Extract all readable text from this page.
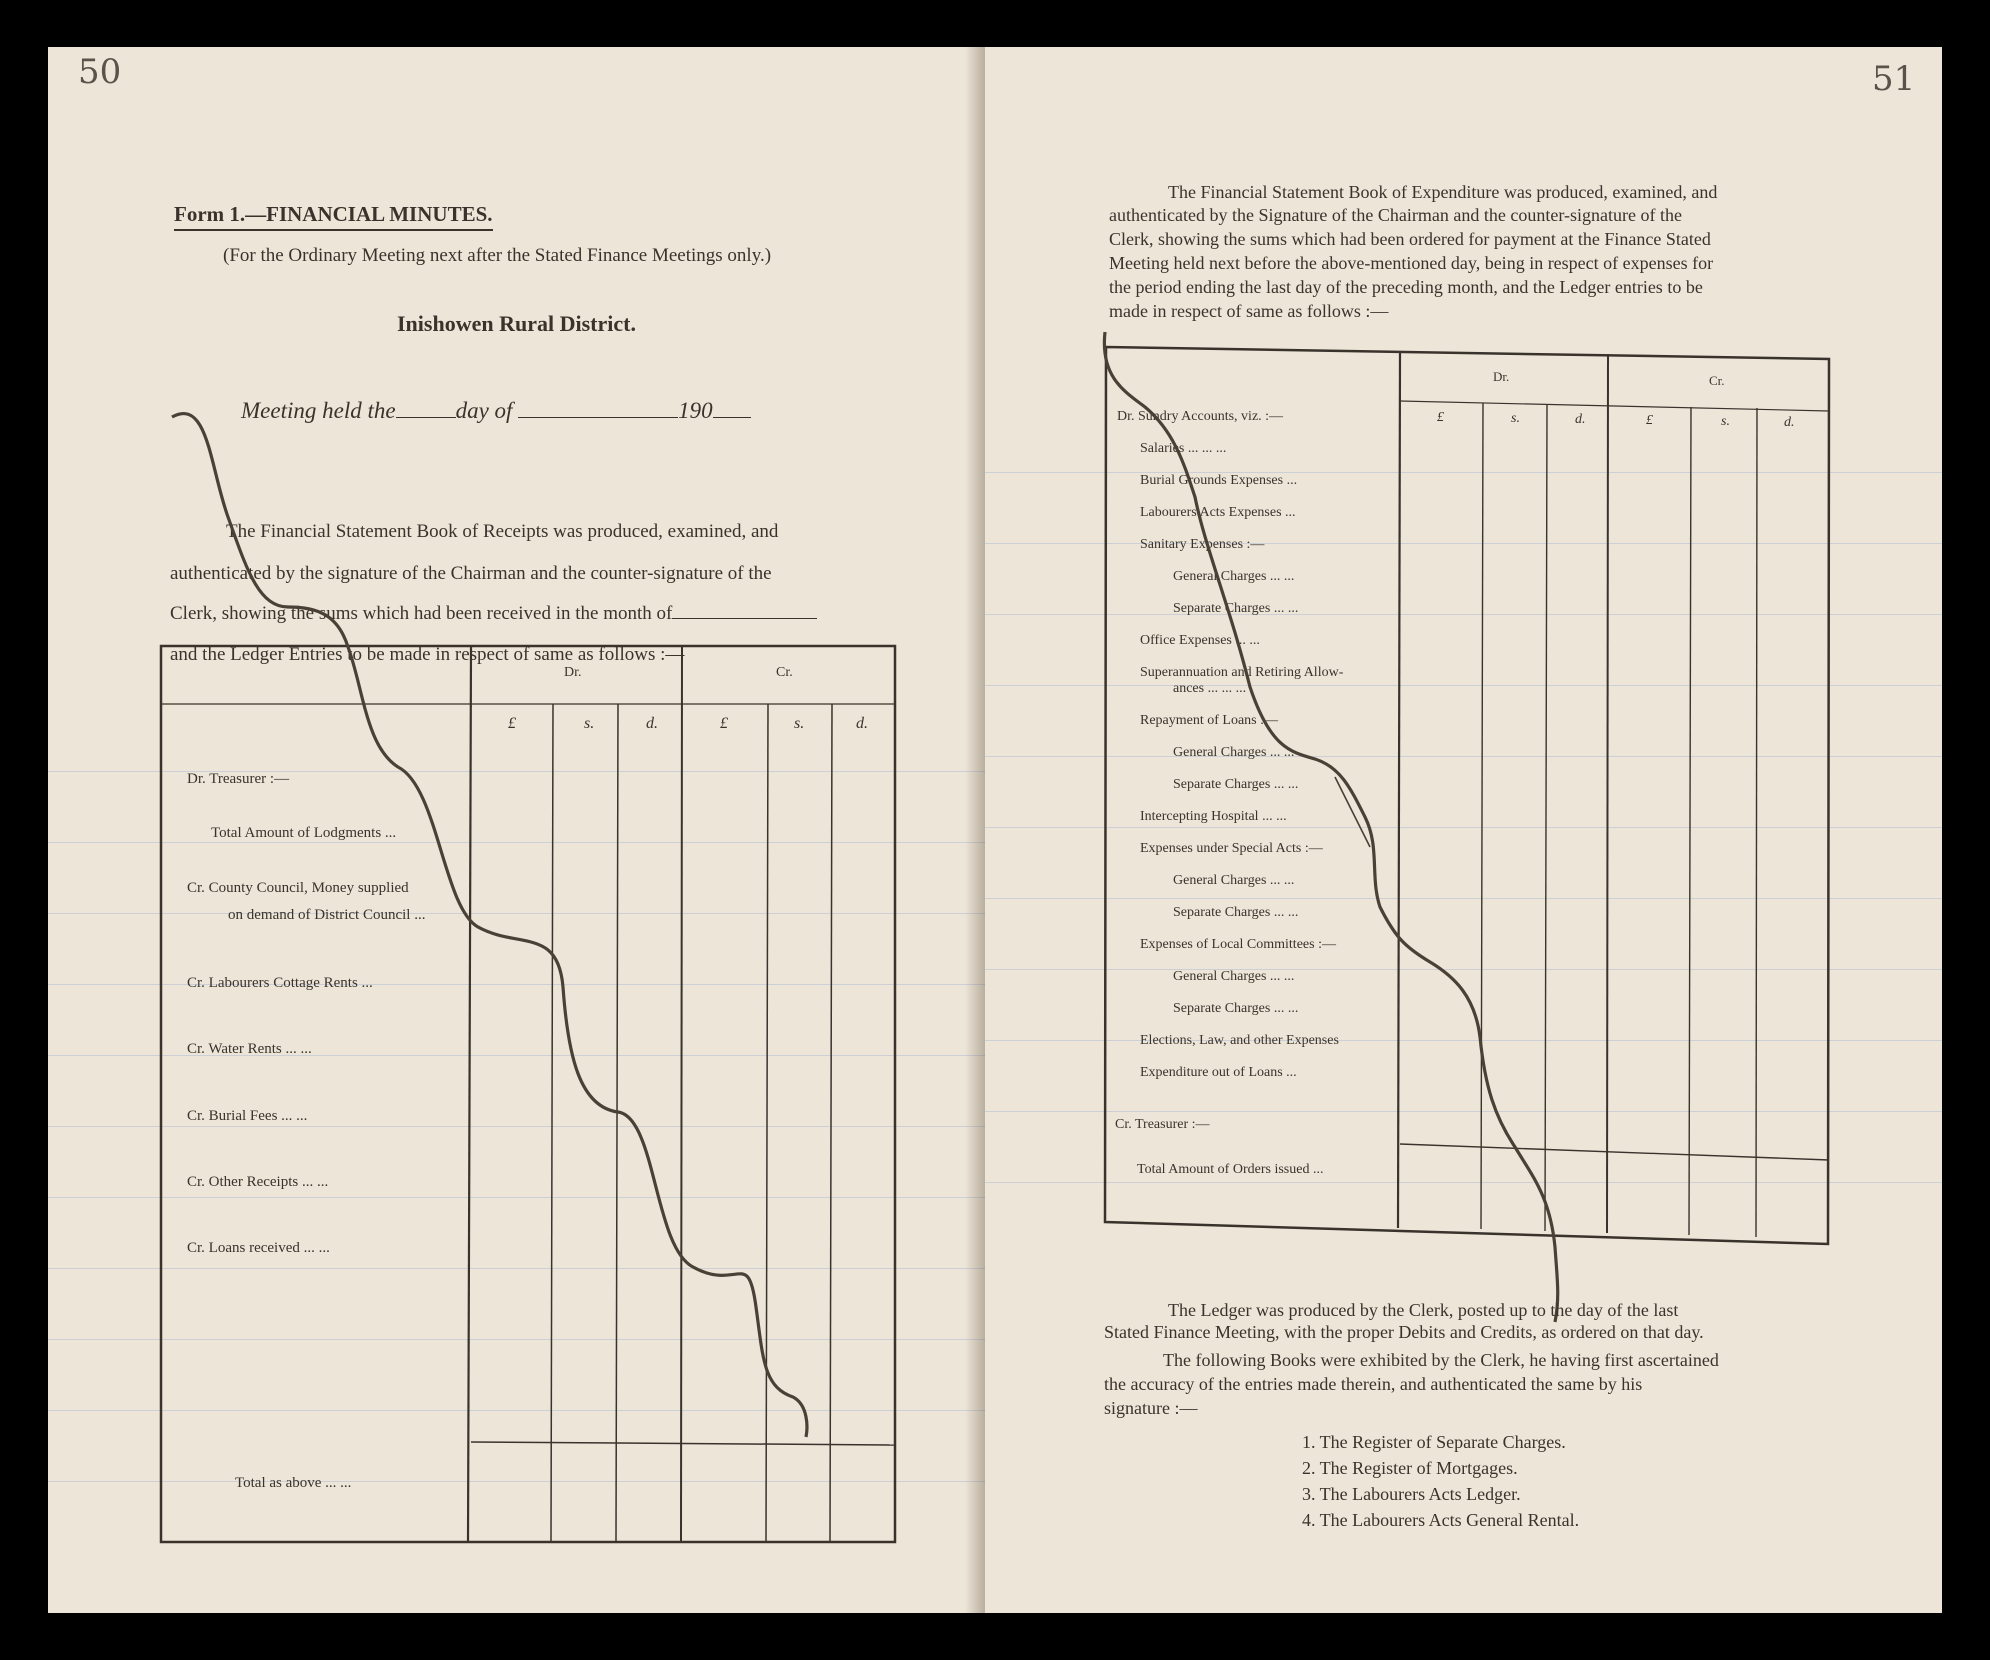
50
Form 1.—FINANCIAL MINUTES.
(For the Ordinary Meeting next after the Stated Finance Meetings only.)
Inishowen Rural District.
Meeting held the	day of	190
The Financial Statement Book of Receipts was produced, examined, and
authenticated by the signature of the Chairman and the counter-signature of the
Clerk, showing the sums which had been received in the month of
and the Ledger Entries to be made in respect of same as follows :—
Dr.	Cr.
£	s.	d.	£	s.	d.
Dr. Treasurer :—
Total Amount of Lodgments ...
Cr. County Council, Money supplied
on demand of District Council ...
Cr. Labourers Cottage Rents ...
Cr. Water Rents ... ...
Cr. Burial Fees ... ...
Cr. Other Receipts ... ...
Cr. Loans received ... ...
Total as above ... ...
51
The Financial Statement Book of Expenditure was produced, examined, and
authenticated by the Signature of the Chairman and the counter-signature of the
Clerk, showing the sums which had been ordered for payment at the Finance Stated
Meeting held next before the above-mentioned day, being in respect of expenses for
the period ending the last day of the preceding month, and the Ledger entries to be
made in respect of same as follows :—
Dr.	Cr.
£	s.	d.	£	s.	d.
Dr. Sundry Accounts, viz. :—
Salaries ... ... ...
Burial Grounds Expenses ...
Labourers Acts Expenses ...
Sanitary Expenses :—
General Charges ... ...
Separate Charges ... ...
Office Expenses ... ...
Superannuation and Retiring Allow-
ances ... ... ...
Repayment of Loans :—
General Charges ... ...
Separate Charges ... ...
Intercepting Hospital ... ...
Expenses under Special Acts :—
General Charges ... ...
Separate Charges ... ...
Expenses of Local Committees :—
General Charges ... ...
Separate Charges ... ...
Elections, Law, and other Expenses
Expenditure out of Loans ...
Cr. Treasurer :—
Total Amount of Orders issued ...
The Ledger was produced by the Clerk, posted up to the day of the last
Stated Finance Meeting, with the proper Debits and Credits, as ordered on that day.
The following Books were exhibited by the Clerk, he having first ascertained
the accuracy of the entries made therein, and authenticated the same by his
signature :—
1. The Register of Separate Charges.
2. The Register of Mortgages.
3. The Labourers Acts Ledger.
4. The Labourers Acts General Rental.
